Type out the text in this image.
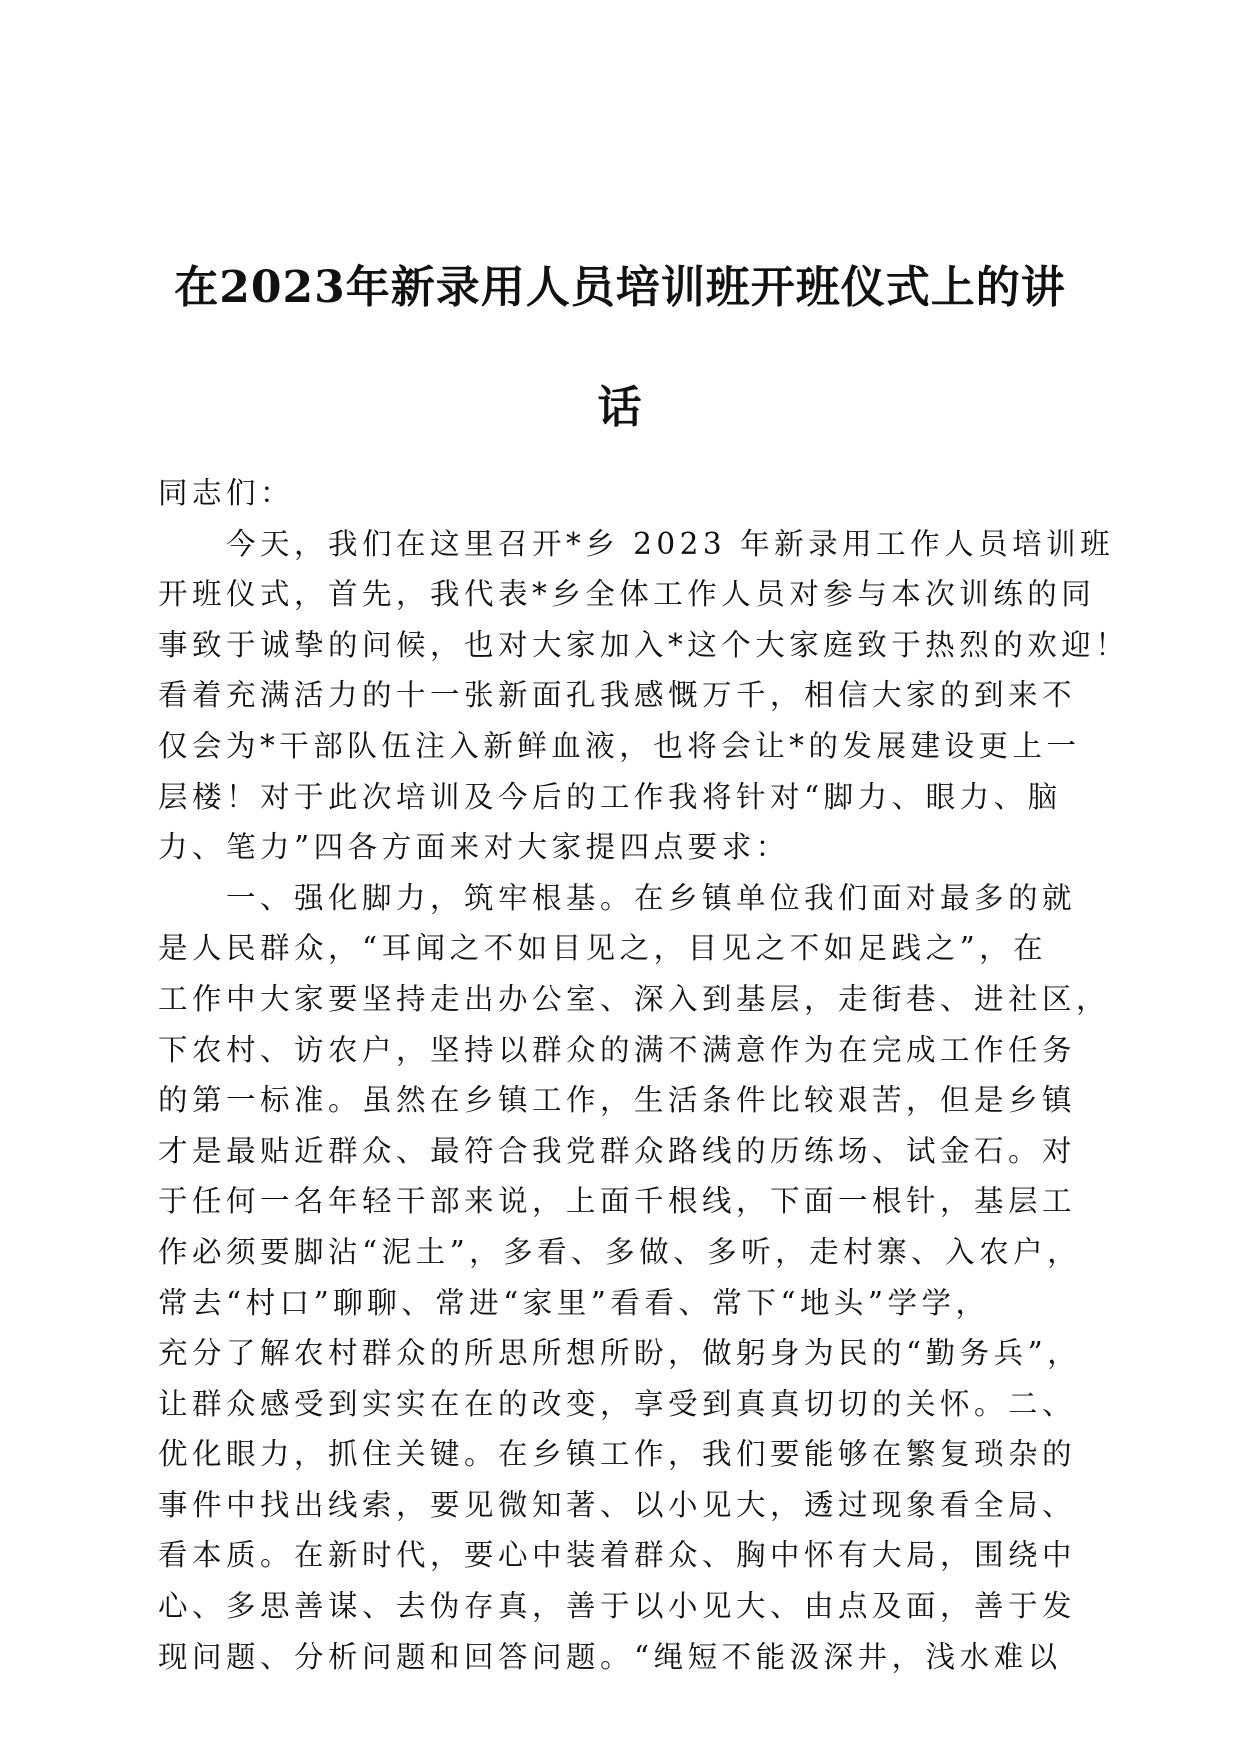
在2023年新录用人员培训班开班仪式上的讲
话
同志们：
今天，我们在这里召开*乡 2023 年新录用工作人员培训班
开班仪式，首先，我代表*乡全体工作人员对参与本次训练的同
事致于诚挚的问候，也对大家加入*这个大家庭致于热烈的欢迎！
看着充满活力的十一张新面孔我感慨万千，相信大家的到来不
仅会为*干部队伍注入新鲜血液，也将会让*的发展建设更上一
层楼！对于此次培训及今后的工作我将针对“脚力、眼力、脑
力、笔力”四各方面来对大家提四点要求：
一、强化脚力，筑牢根基。在乡镇单位我们面对最多的就
是人民群众，“耳闻之不如目见之，目见之不如足践之”，在
工作中大家要坚持走出办公室、深入到基层，走街巷、进社区，
下农村、访农户，坚持以群众的满不满意作为在完成工作任务
的第一标准。虽然在乡镇工作，生活条件比较艰苦，但是乡镇
才是最贴近群众、最符合我党群众路线的历练场、试金石。对
于任何一名年轻干部来说，上面千根线，下面一根针，基层工
作必须要脚沾“泥土”，多看、多做、多听，走村寨、入农户，
常去“村口”聊聊、常进“家里”看看、常下“地头”学学，
充分了解农村群众的所思所想所盼，做躬身为民的“勤务兵”，
让群众感受到实实在在的改变，享受到真真切切的关怀。二、
优化眼力，抓住关键。在乡镇工作，我们要能够在繁复琐杂的
事件中找出线索，要见微知著、以小见大，透过现象看全局、
看本质。在新时代，要心中装着群众、胸中怀有大局，围绕中
心、多思善谋、去伪存真，善于以小见大、由点及面，善于发
现问题、分析问题和回答问题。“绳短不能汲深井，浅水难以
